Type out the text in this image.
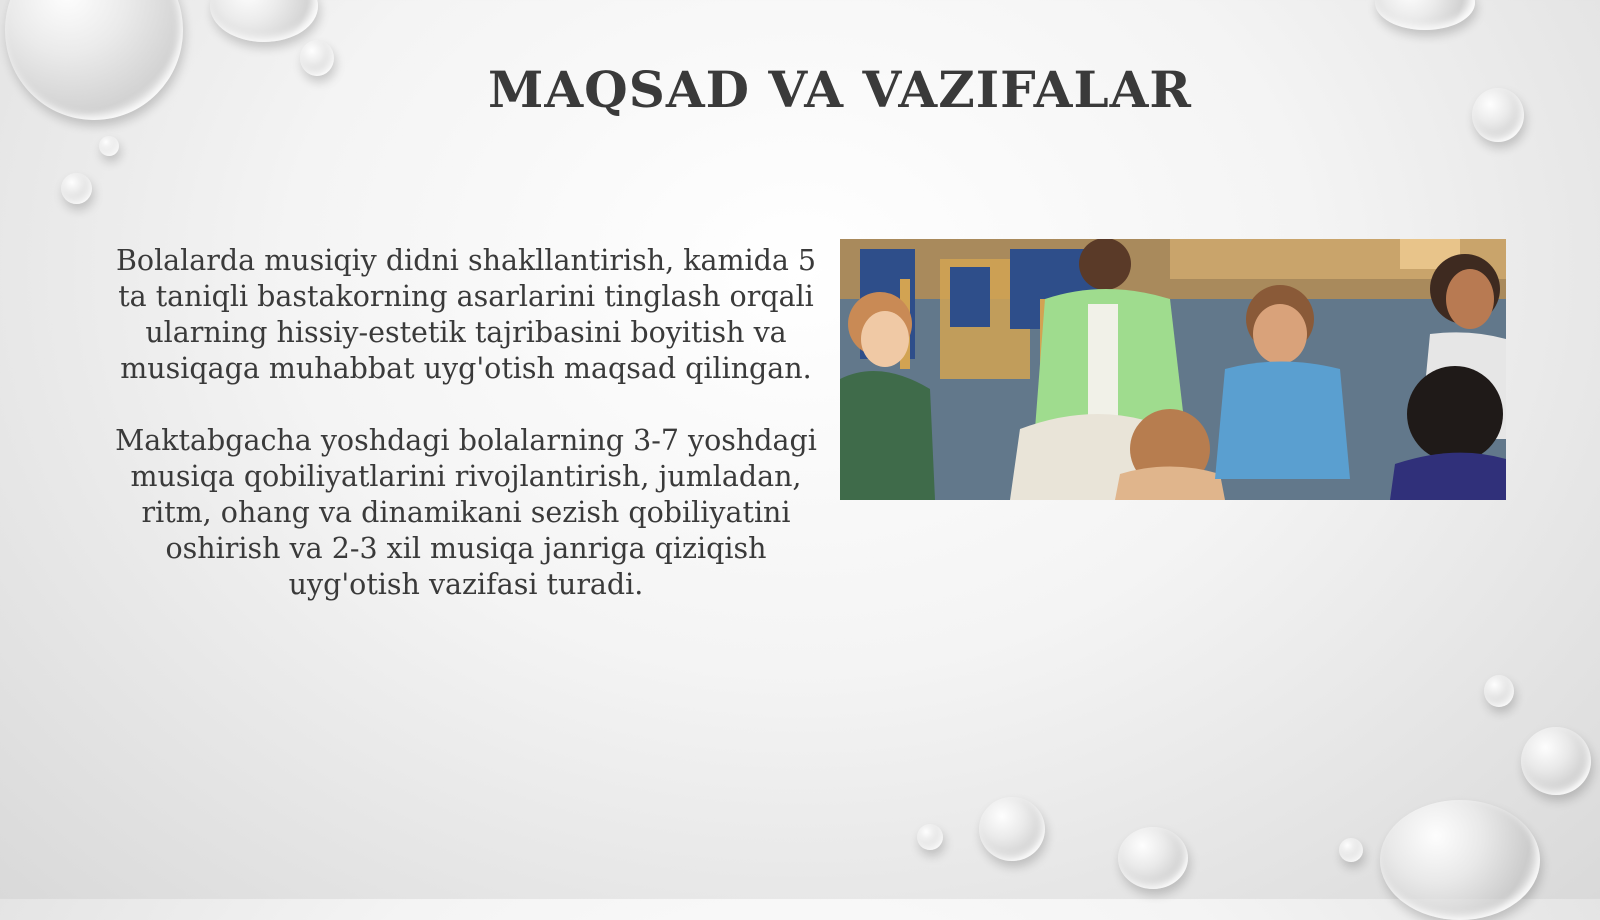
MAQSAD VA VAZIFALAR

Bolalarda musiqiy didni shakllantirish, kamida 5 ta taniqli bastakorning asarlarini tinglash orqali ularning hissiy-estetik tajribasini boyitish va musiqaga muhabbat uyg'otish maqsad qilingan.

Maktabgacha yoshdagi bolalarning 3-7 yoshdagi musiqa qobiliyatlarini rivojlantirish, jumladan, ritm, ohang va dinamikani sezish qobiliyatini oshirish va 2-3 xil musiqa janriga qiziqish uyg'otish vazifasi turadi.
